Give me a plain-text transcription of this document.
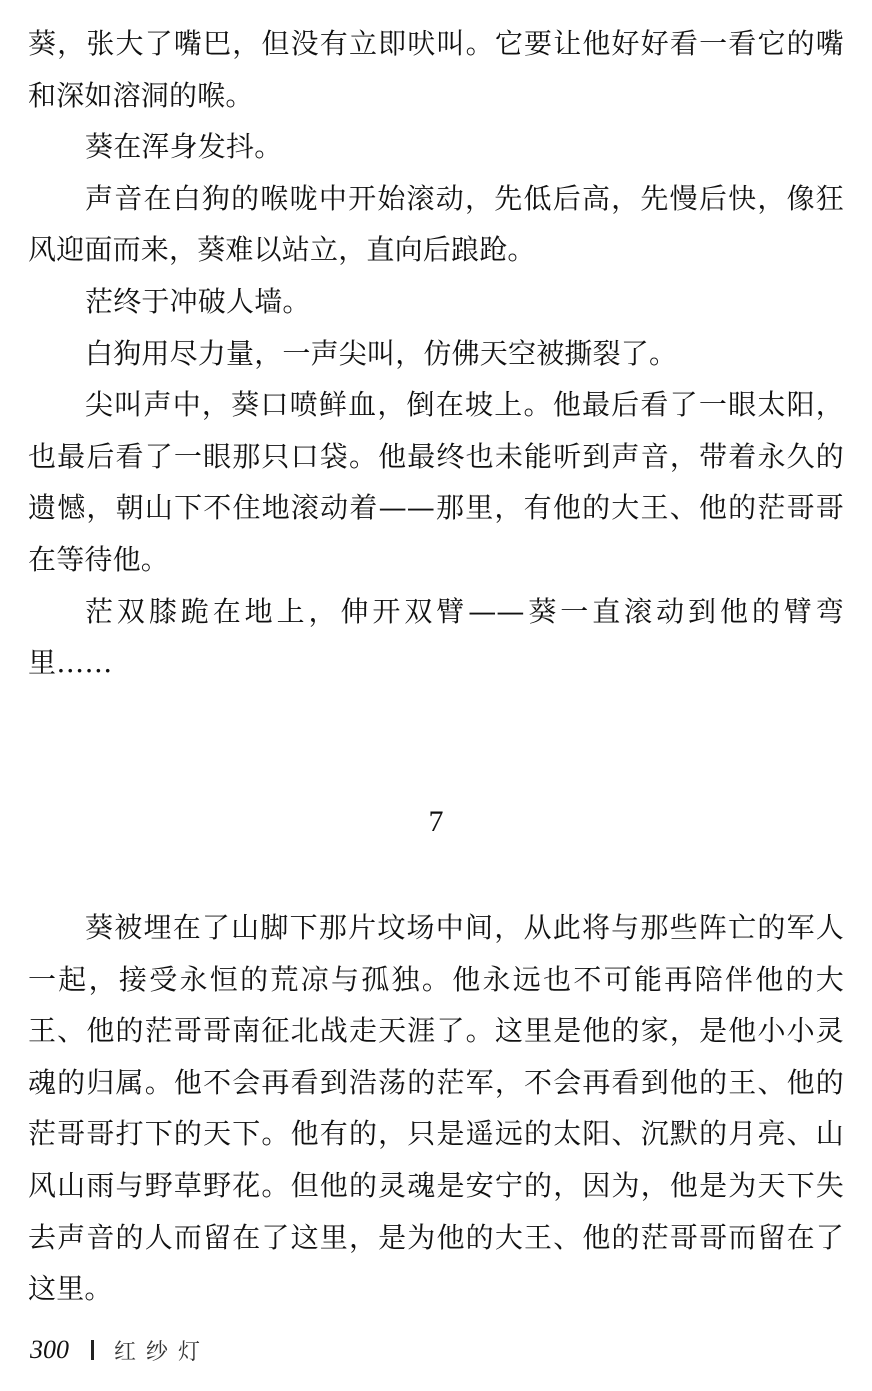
葵，张大了嘴巴，但没有立即吠叫。它要让他好好看一看它的嘴和深如溶洞的喉。

葵在浑身发抖。

声音在白狗的喉咙中开始滚动，先低后高，先慢后快，像狂风迎面而来，葵难以站立，直向后踉跄。

茫终于冲破人墙。

白狗用尽力量，一声尖叫，仿佛天空被撕裂了。

尖叫声中，葵口喷鲜血，倒在坡上。他最后看了一眼太阳，也最后看了一眼那只口袋。他最终也未能听到声音，带着永久的遗憾，朝山下不住地滚动着——那里，有他的大王、他的茫哥哥在等待他。

茫双膝跪在地上，伸开双臂——葵一直滚动到他的臂弯里……

7

葵被埋在了山脚下那片坟场中间，从此将与那些阵亡的军人一起，接受永恒的荒凉与孤独。他永远也不可能再陪伴他的大王、他的茫哥哥南征北战走天涯了。这里是他的家，是他小小灵魂的归属。他不会再看到浩荡的茫军，不会再看到他的王、他的茫哥哥打下的天下。他有的，只是遥远的太阳、沉默的月亮、山风山雨与野草野花。但他的灵魂是安宁的，因为，他是为天下失去声音的人而留在了这里，是为他的大王、他的茫哥哥而留在了这里。

300 红纱灯
